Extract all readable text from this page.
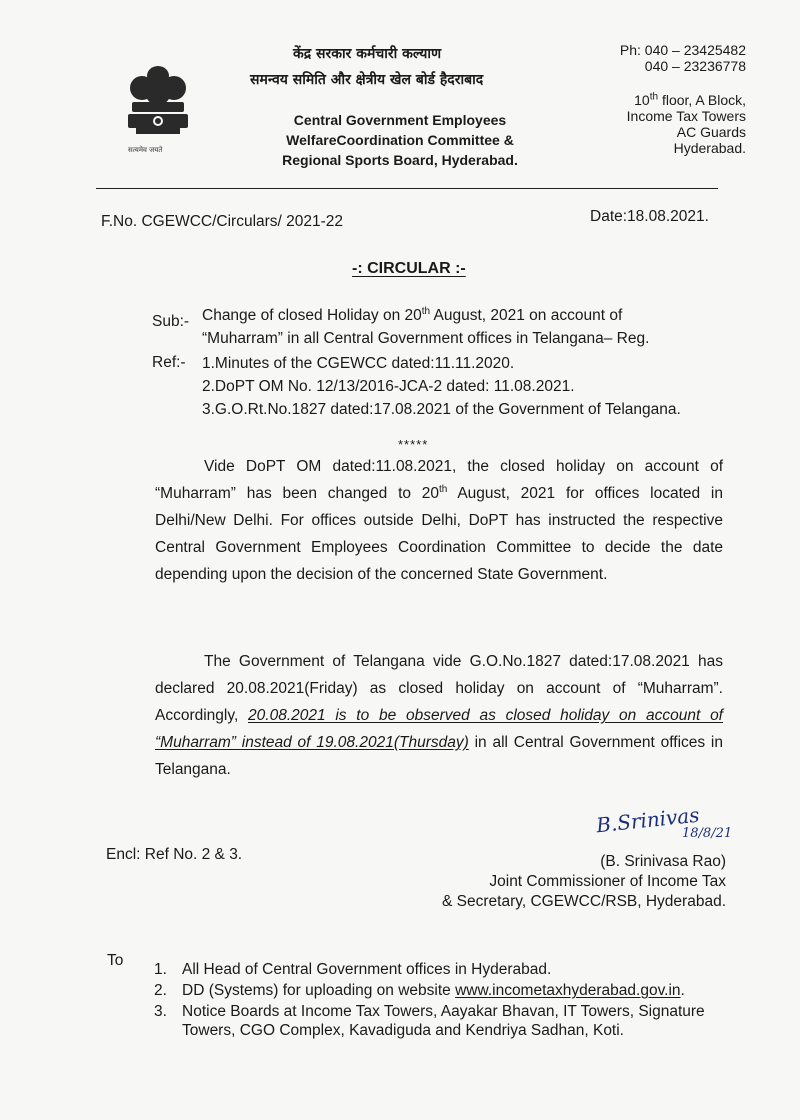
सत्यमेव जयते
केंद्र सरकार कर्मचारी कल्याण
समन्वय समिति और क्षेत्रीय खेल बोर्ड हैदराबाद
Central Government Employees
WelfareCoordination Committee &
Regional Sports Board, Hyderabad.
Ph: 040 – 23425482
040 – 23236778
10th floor, A Block,
Income Tax Towers
AC Guards
Hyderabad.
F.No. CGEWCC/Circulars/ 2021-22	Date:18.08.2021.
-: CIRCULAR :-
Sub:- Change of closed Holiday on 20th August, 2021 on account of
“Muharram” in all Central Government offices in Telangana– Reg.
Ref:- 1.Minutes of the CGEWCC dated:11.11.2020.
2.DoPT OM No. 12/13/2016-JCA-2 dated: 11.08.2021.
3.G.O.Rt.No.1827 dated:17.08.2021 of the Government of Telangana.
*****
Vide DoPT OM dated:11.08.2021, the closed holiday on account of “Muharram” has been changed to 20th August, 2021 for offices located in Delhi/New Delhi. For offices outside Delhi, DoPT has instructed the respective Central Government Employees Coordination Committee to decide the date depending upon the decision of the concerned State Government.
The Government of Telangana vide G.O.No.1827 dated:17.08.2021 has declared 20.08.2021(Friday) as closed holiday on account of “Muharram”. Accordingly, 20.08.2021 is to be observed as closed holiday on account of “Muharram” instead of 19.08.2021(Thursday) in all Central Government offices in Telangana.
Encl: Ref No. 2 & 3.
B.Srinivas
18/8/21
(B. Srinivasa Rao)
Joint Commissioner of Income Tax
& Secretary, CGEWCC/RSB, Hyderabad.
To
1. All Head of Central Government offices in Hyderabad.
2. DD (Systems) for uploading on website www.incometaxhyderabad.gov.in.
3. Notice Boards at Income Tax Towers, Aayakar Bhavan, IT Towers, Signature Towers, CGO Complex, Kavadiguda and Kendriya Sadhan, Koti.
